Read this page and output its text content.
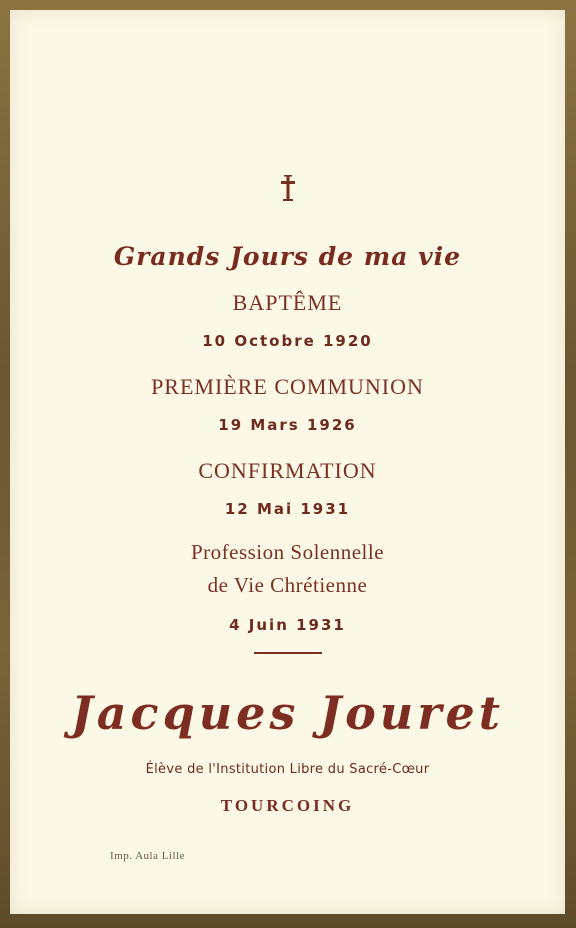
Grands Jours de ma vie
BAPTÊME
10 Octobre 1920
PREMIÈRE COMMUNION
19 Mars 1926
CONFIRMATION
12 Mai 1931
Profession Solennelle
de Vie Chrétienne
4 Juin 1931
Jacques Jouret
Élève de l'Institution Libre du Sacré-Cœur
TOURCOING
Imp. Aula Lille
